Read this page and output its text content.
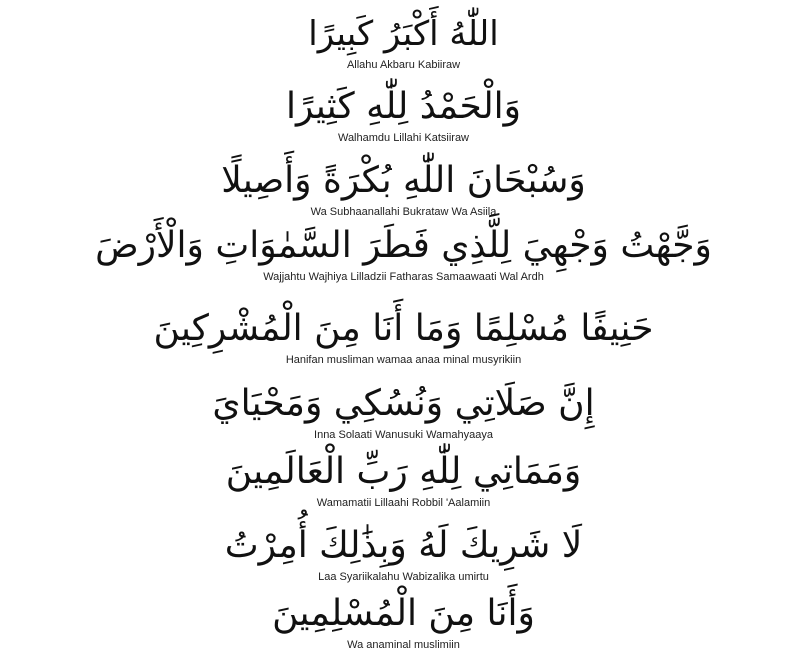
اللّٰهُ أَكْبَرُ كَبِيرًا
Allahu Akbaru Kabiiraw
وَالْحَمْدُ لِلّٰهِ كَثِيرًا
Walhamdu Lillahi Katsiiraw
وَسُبْحَانَ اللّٰهِ بُكْرَةً وَأَصِيلًا
Wa Subhaanallahi Bukrataw Wa Asiila
وَجَّهْتُ وَجْهِيَ لِلَّذِي فَطَرَ السَّمٰوَاتِ وَالْأَرْضَ
Wajjahtu Wajhiya Lilladzii Fatharas Samaawaati Wal Ardh
حَنِيفًا مُسْلِمًا وَمَا أَنَا مِنَ الْمُشْرِكِينَ
Hanifan musliman wamaa anaa minal musyrikiin
إِنَّ صَلَاتِي وَنُسُكِي وَمَحْيَايَ
Inna Solaati Wanusuki Wamahyaaya
وَمَمَاتِي لِلّٰهِ رَبِّ الْعَالَمِينَ
Wamamatii Lillaahi Robbil 'Aalamiin
لَا شَرِيكَ لَهُ وَبِذَٰلِكَ أُمِرْتُ
Laa Syariikalahu Wabizalika umirtu
وَأَنَا مِنَ الْمُسْلِمِينَ
Wa anaminal muslimiin
